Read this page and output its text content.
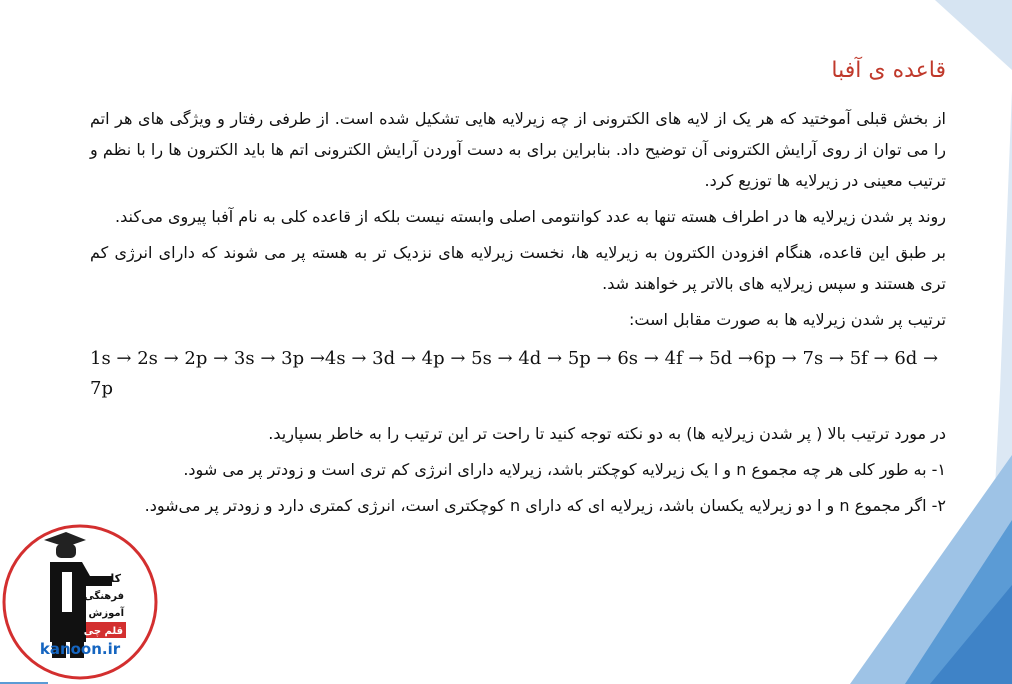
قاعده ی آفبا

از بخش قبلی آموختید که هر یک از لایه های الکترونی از چه زیرلایه هایی تشکیل شده است. از طرفی رفتار و ویژگی های هر اتم را می توان از روی آرایش الکترونی آن توضیح داد. بنابراین برای به دست آوردن آرایش الکترونی اتم ها باید الکترون ها را با نظم و ترتیب معینی در زیرلایه ها توزیع کرد.

روند پر شدن زیرلایه ها در اطراف هسته تنها به عدد کوانتومی اصلی وابسته نیست بلکه از قاعده کلی به نام آفبا پیروی می‌کند.

بر طبق این قاعده، هنگام افزودن الکترون به زیرلایه ها، نخست زیرلایه های نزدیک تر به هسته پر می شوند که دارای انرژی کم تری هستند و سپس زیرلایه های بالاتر پر خواهند شد.

ترتیب پر شدن زیرلایه ها به صورت مقابل است:

1s → 2s → 2p → 3s → 3p →4s → 3d → 4p → 5s → 4d → 5p → 6s → 4f → 5d →6p → 7s → 5f → 6d → 7p

در مورد ترتیب بالا ( پر شدن زیرلایه ها) به دو نکته توجه کنید تا راحت تر این ترتیب را به خاطر بسپارید.

۱- به طور کلی هر چه مجموع n و l یک زیرلایه کوچکتر باشد، زیرلایه دارای انرژی کم تری است و زودتر پر می شود.

۲- اگر مجموع n و l دو زیرلایه یکسان باشد، زیرلایه ای که دارای n کوچکتری است، انرژی کمتری دارد و زودتر پر می‌شود.

کانون
فرهنگی
آموزش
قلم چی
kanoon.ir
